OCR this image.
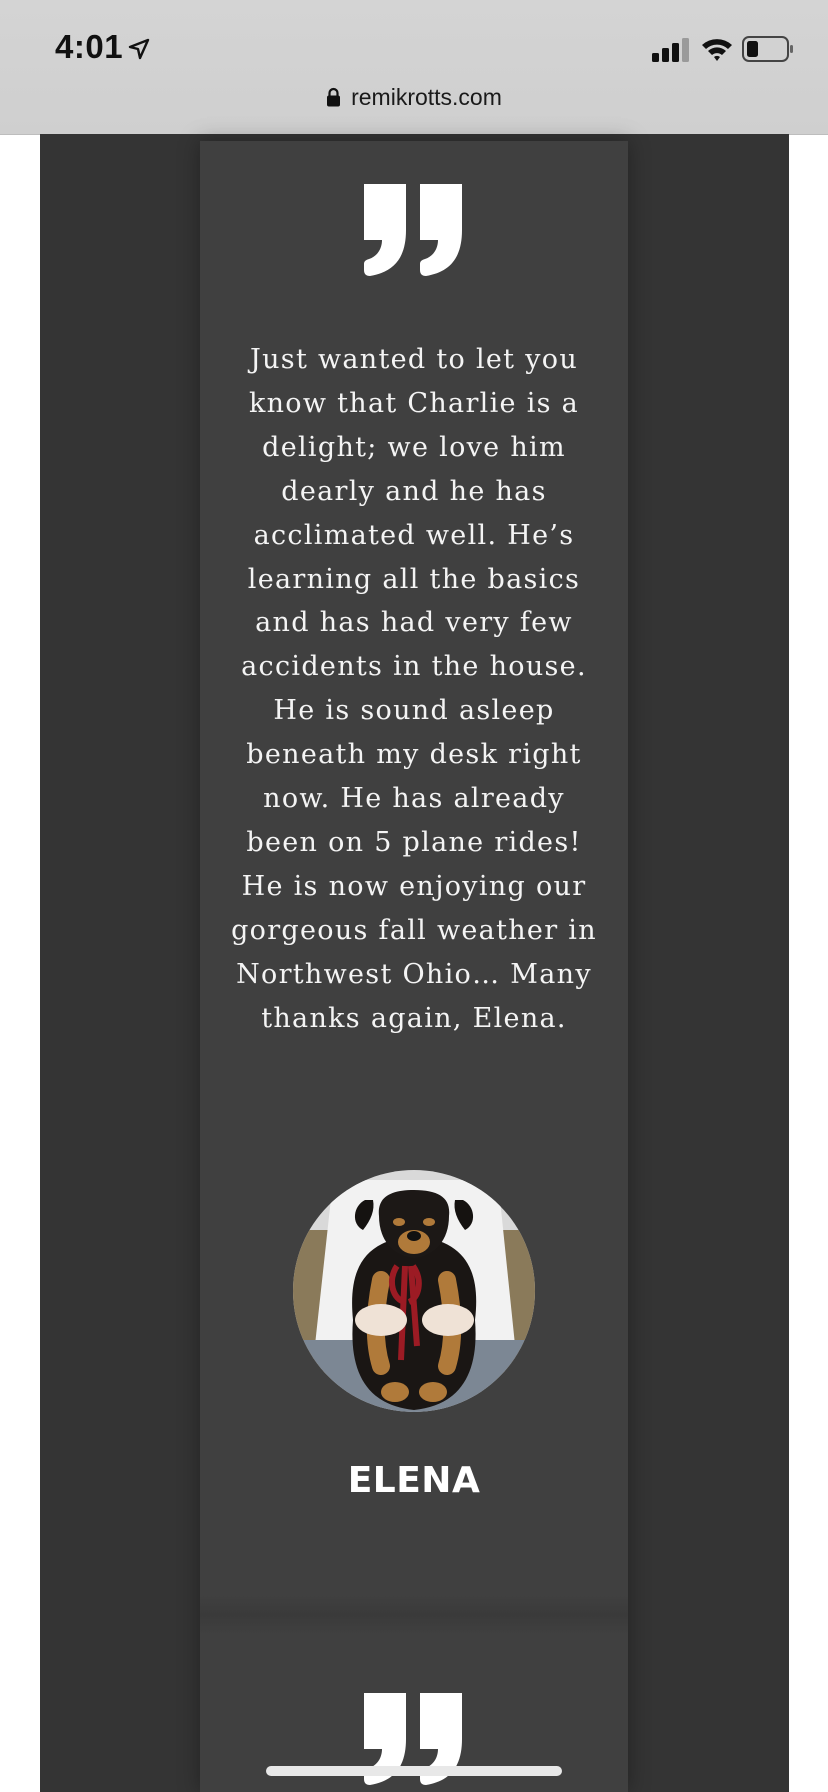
4:01
remikrotts.com

Just wanted to let you know that Charlie is a delight; we love him dearly and he has acclimated well. He’s learning all the basics and has had very few accidents in the house. He is sound asleep beneath my desk right now. He has already been on 5 plane rides! He is now enjoying our gorgeous fall weather in Northwest Ohio… Many thanks again, Elena.

ELENA
